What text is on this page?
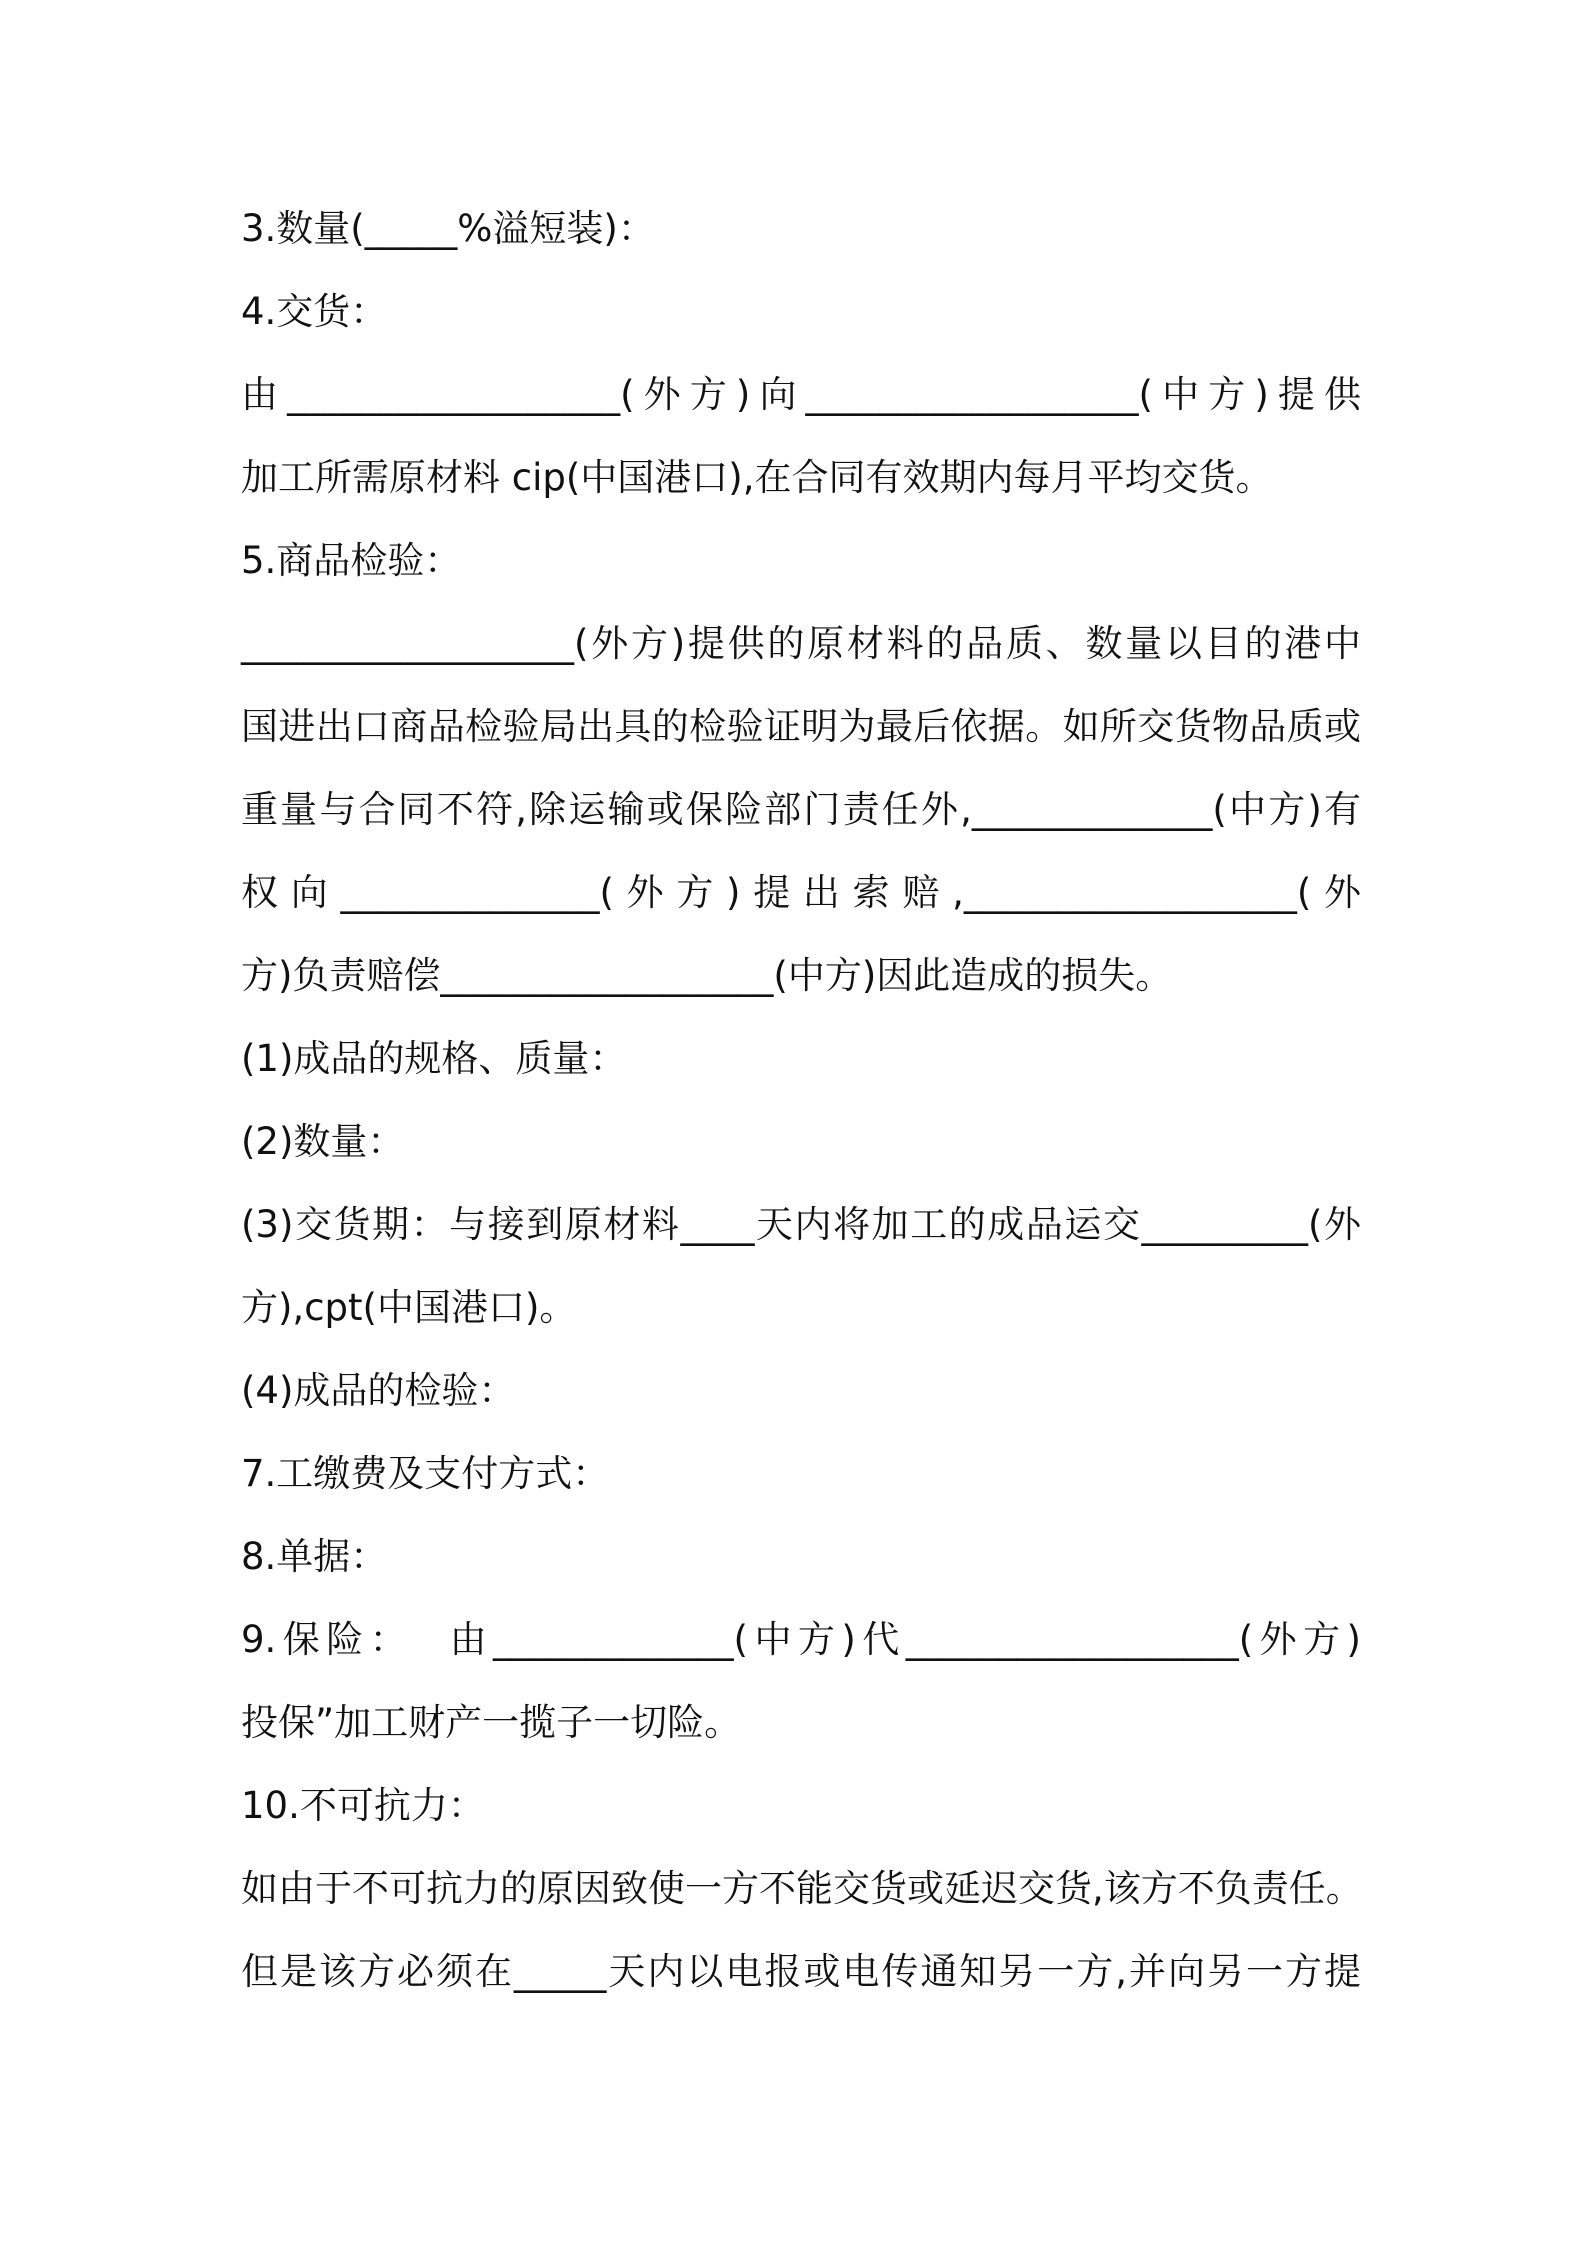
3.数量(_____%溢短装)：

4.交货：

由__________________(外方)向__________________(中方)提供

加工所需原材料 cip(中国港口),在合同有效期内每月平均交货。

5.商品检验：

__________________(外方)提供的原材料的品质、数量以目的港中

国进出口商品检验局出具的检验证明为最后依据。如所交货物品质或

重量与合同不符,除运输或保险部门责任外,_____________(中方)有

权向______________(外方)提出索赔,__________________(外

方)负责赔偿__________________(中方)因此造成的损失。

(1)成品的规格、质量：

(2)数量：

(3)交货期：与接到原材料____天内将加工的成品运交_________(外

方),cpt(中国港口)。

(4)成品的检验：

7.工缴费及支付方式：

8.单据：

9.保险：  由_____________(中方)代__________________(外方)

投保”加工财产一揽子一切险。

10.不可抗力：

如由于不可抗力的原因致使一方不能交货或延迟交货,该方不负责任。

但是该方必须在_____天内以电报或电传通知另一方,并向另一方提
